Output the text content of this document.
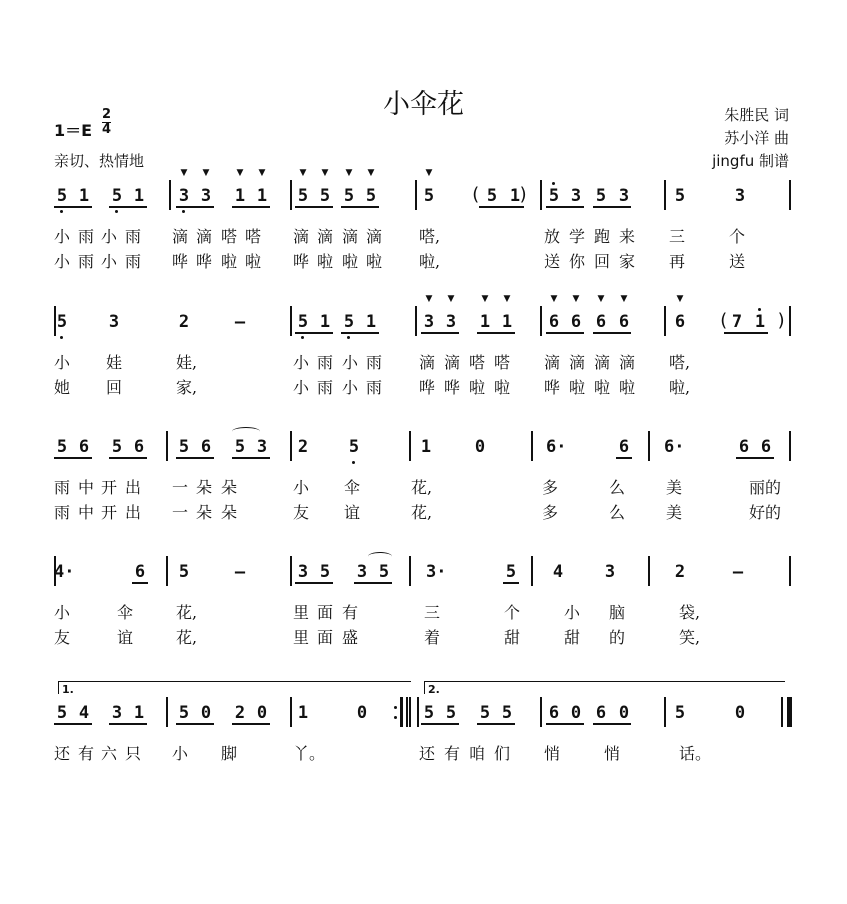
小伞花
$1=E \frac{2}{4}$
亲切、热情地
朱胜民 词
苏小洋 曲
jingfu 制谱
5 1 5 1 3 3 1 1 5 5 5 5	5	5 1 5 3 5 3	5	3
▼ ▼	▼ ▼	▼ ▼ ▼ ▼	▼
( )
小 雨 小 雨	滴 滴 嗒 嗒	滴 滴 滴 滴	嗒,	放 学 跑 来	三	个
小 雨 小 雨	哗 哗 啦 啦	哗 啦 啦 啦	啦,	送 你 回 家	再	送
5 3	2	–	5 1 5 1	3 3 1 1 6 6 6 6	6	7 1
▼ ▼	▼ ▼	▼ ▼ ▼ ▼	▼
(	)
小	娃	娃,	小 雨 小 雨	滴 滴 嗒 嗒	滴 滴 滴 滴	嗒,
她	回	家,	小 雨 小 雨	哗 哗 啦 啦	哗 啦 啦 啦	啦,
5 6 5 6 5 6 5 3 2 5	1	0	6·	6 6·	6 6
雨 中 开 出	一 朵 朵	小	伞	花,	多	么	美	丽的
雨 中 开 出	一 朵 朵	友	谊	花,	多	么	美	好的
4·	6 5	–	3 5 3 5 3·	5 4 3	2	–
小	伞	花,	里 面 有	三	个	小	脑	袋,
友	谊	花,	里 面 盛	着	甜	甜	的	笑,
1.	2.
5 4 3 1 5 0 2 0 1	0	5 5 5 5 6 0 6 0	5	0
还 有 六 只	小	脚	丫。	还 有 咱 们	悄	悄	话。
